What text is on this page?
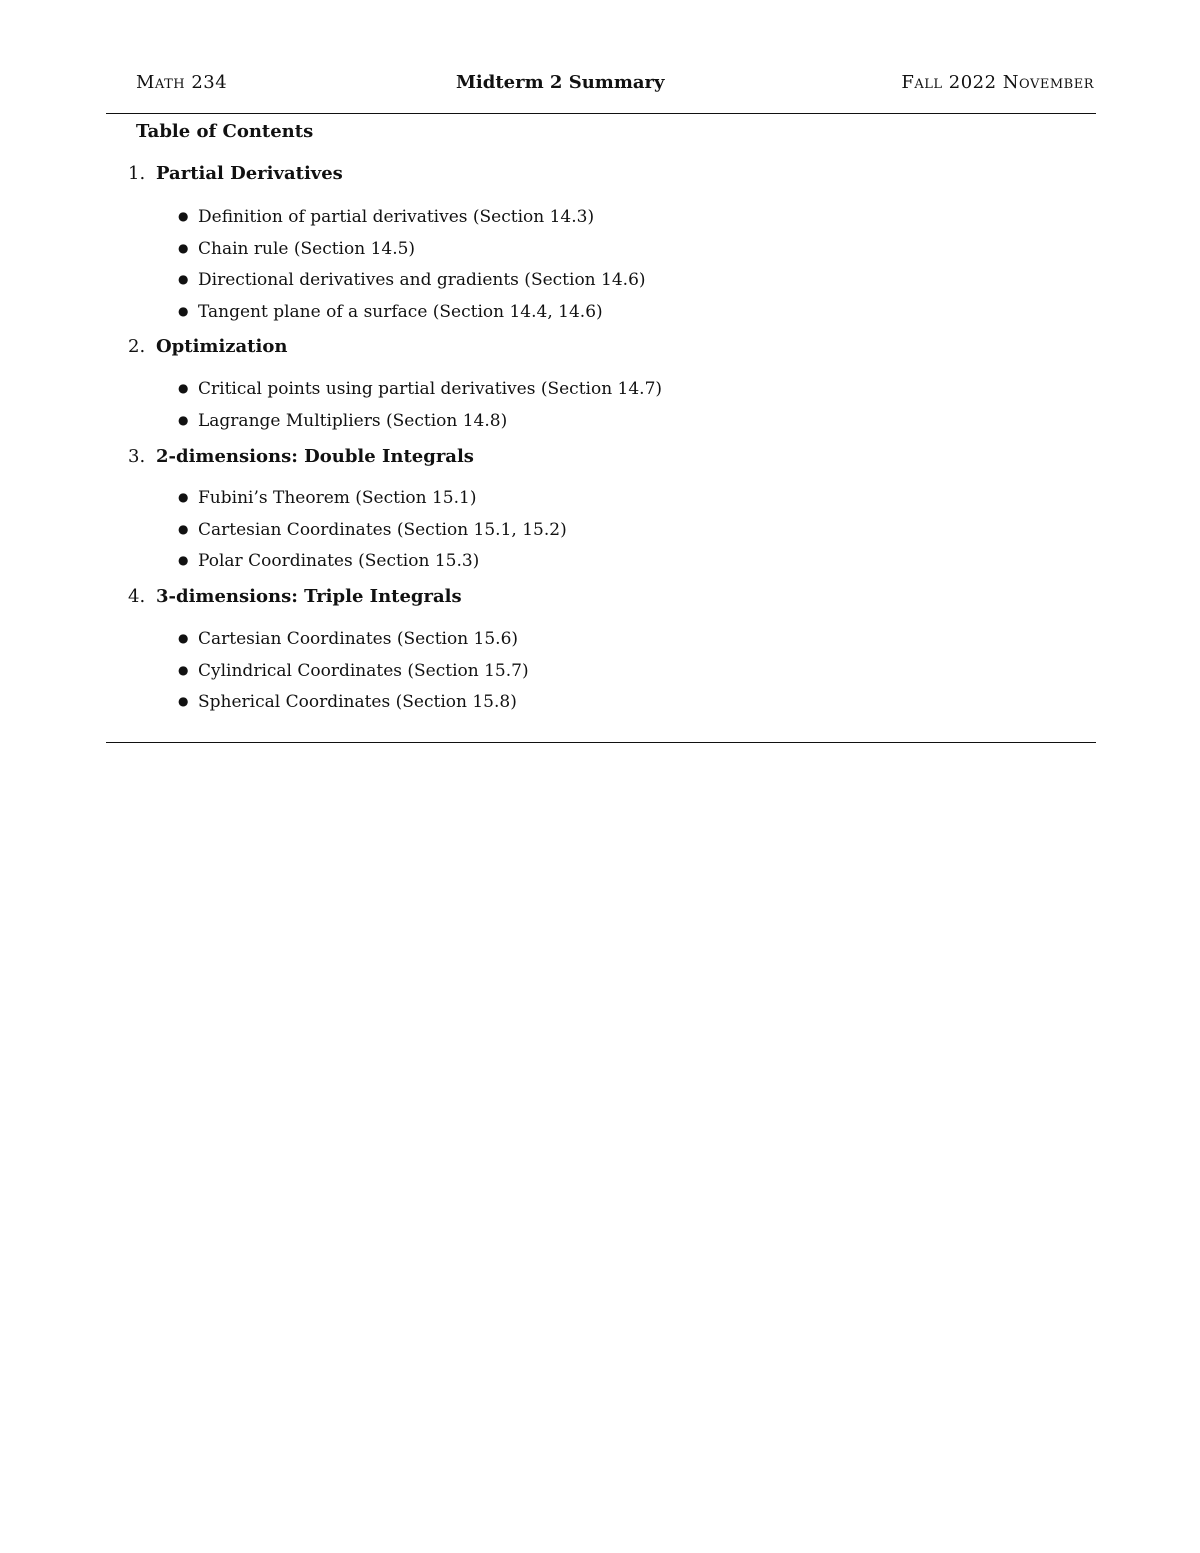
Math 234	Midterm 2 Summary	Fall 2022 November
Table of Contents
1. Partial Derivatives
● Definition of partial derivatives (Section 14.3)
● Chain rule (Section 14.5)
● Directional derivatives and gradients (Section 14.6)
● Tangent plane of a surface (Section 14.4, 14.6)
2. Optimization
● Critical points using partial derivatives (Section 14.7)
● Lagrange Multipliers (Section 14.8)
3. 2-dimensions: Double Integrals
● Fubini’s Theorem (Section 15.1)
● Cartesian Coordinates (Section 15.1, 15.2)
● Polar Coordinates (Section 15.3)
4. 3-dimensions: Triple Integrals
● Cartesian Coordinates (Section 15.6)
● Cylindrical Coordinates (Section 15.7)
● Spherical Coordinates (Section 15.8)
